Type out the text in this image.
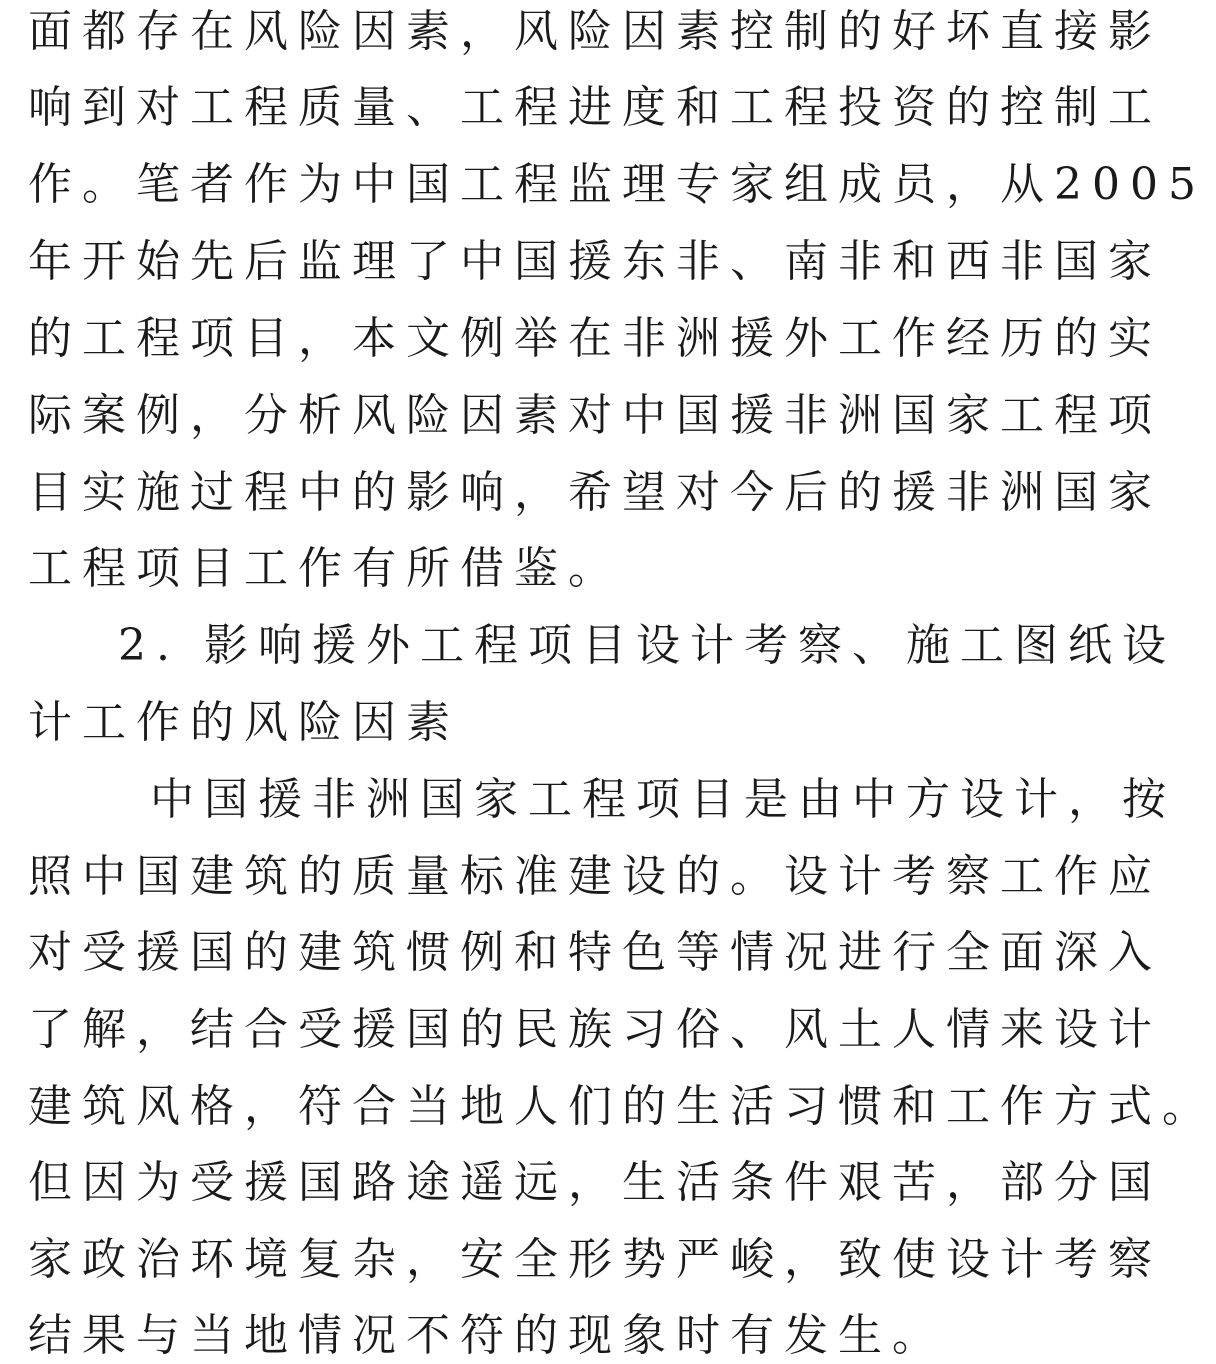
面都存在风险因素，风险因素控制的好坏直接影
响到对工程质量、工程进度和工程投资的控制工
作。笔者作为中国工程监理专家组成员，从2005
年开始先后监理了中国援东非、南非和西非国家
的工程项目，本文例举在非洲援外工作经历的实
际案例，分析风险因素对中国援非洲国家工程项
目实施过程中的影响，希望对今后的援非洲国家
工程项目工作有所借鉴。
2. 影响援外工程项目设计考察、施工图纸设
计工作的风险因素
中国援非洲国家工程项目是由中方设计，按
照中国建筑的质量标准建设的。设计考察工作应
对受援国的建筑惯例和特色等情况进行全面深入
了解，结合受援国的民族习俗、风土人情来设计
建筑风格，符合当地人们的生活习惯和工作方式。
但因为受援国路途遥远，生活条件艰苦，部分国
家政治环境复杂，安全形势严峻，致使设计考察
结果与当地情况不符的现象时有发生。
